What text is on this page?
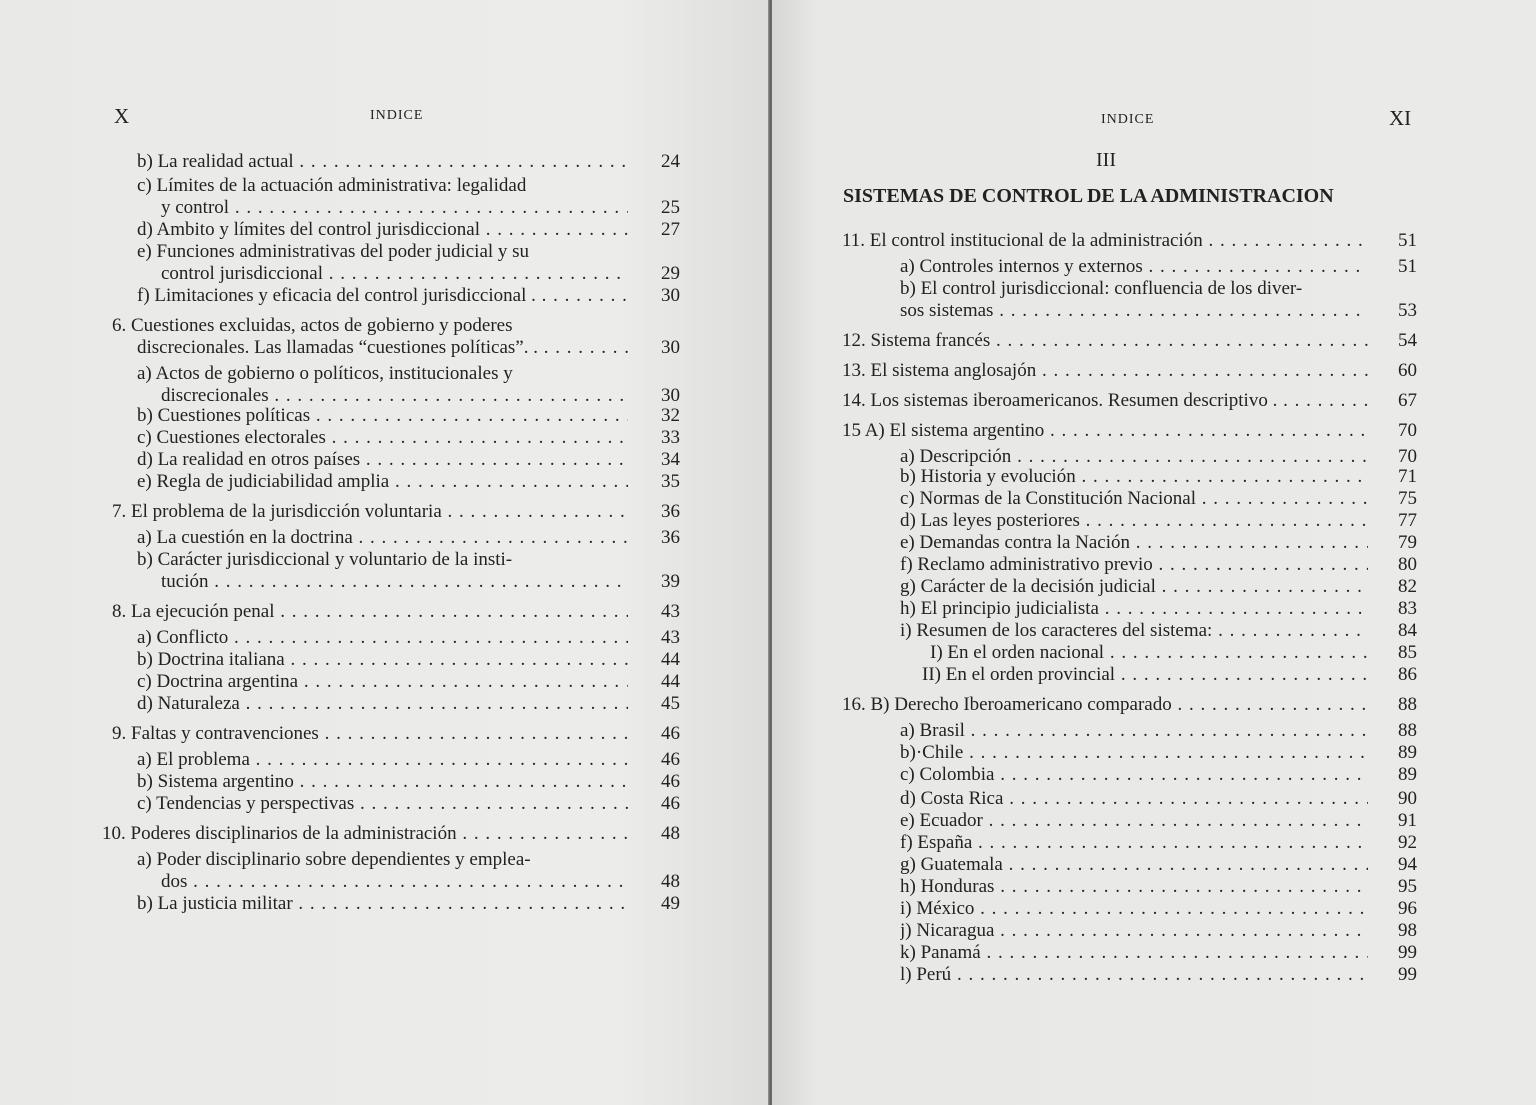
X	INDICE
b) La realidad actual . . .	24
c) Límites de la actuación administrativa: legalidad
y control . . .	25
d) Ambito y límites del control jurisdiccional . . .	27
e) Funciones administrativas del poder judicial y su
control jurisdiccional . . .	29
f) Limitaciones y eficacia del control jurisdiccional . . . .	30
6. Cuestiones excluidas, actos de gobierno y poderes
discrecionales. Las llamadas “cuestiones políticas”. . . . .	30
a) Actos de gobierno o políticos, institucionales y
discrecionales . . .	30
b) Cuestiones políticas . . .	32
c) Cuestiones electorales . . .	33
d) La realidad en otros países . . .	34
e) Regla de judiciabilidad amplia . . .	35
7. El problema de la jurisdicción voluntaria . . .	36
a) La cuestión en la doctrina . . .	36
b) Carácter jurisdiccional y voluntario de la insti-
tución . . .	39
8. La ejecución penal . . .	43
a) Conflicto . . .	43
b) Doctrina italiana . . .	44
c) Doctrina argentina . . .	44
d) Naturaleza . . .	45
9. Faltas y contravenciones . . .	46
a) El problema . . .	46
b) Sistema argentino . . .	46
c) Tendencias y perspectivas . . .	46
10. Poderes disciplinarios de la administración . . .	48
a) Poder disciplinario sobre dependientes y emplea-
dos . . .	48
b) La justicia militar . . .	49
INDICE	XI
III
SISTEMAS DE CONTROL DE LA ADMINISTRACION
11. El control institucional de la administración . . .	51
a) Controles internos y externos . . .	51
b) El control jurisdiccional: confluencia de los diver-
sos sistemas . . .	53
12. Sistema francés . . .	54
13. El sistema anglosajón . . .	60
14. Los sistemas iberoamericanos. Resumen descriptivo . . . .	67
15 A) El sistema argentino . . .	70
a) Descripción . . .	70
b) Historia y evolución . . .	71
c) Normas de la Constitución Nacional . . .	75
d) Las leyes posteriores . . .	77
e) Demandas contra la Nación . . .	79
f) Reclamo administrativo previo . . .	80
g) Carácter de la decisión judicial . . .	82
h) El principio judicialista . . .	83
i) Resumen de los caracteres del sistema: . . .	84
I) En el orden nacional . . .	85
II) En el orden provincial . . .	86
16. B) Derecho Iberoamericano comparado . . .	88
a) Brasil . . .	88
b)·Chile . . .	89
c) Colombia . . .	89
d) Costa Rica . . .	90
e) Ecuador . . .	91
f) España . . .	92
g) Guatemala . . .	94
h) Honduras . . .	95
i) México . . .	96
j) Nicaragua . . .	98
k) Panamá . . .	99
l) Perú . . .	99
